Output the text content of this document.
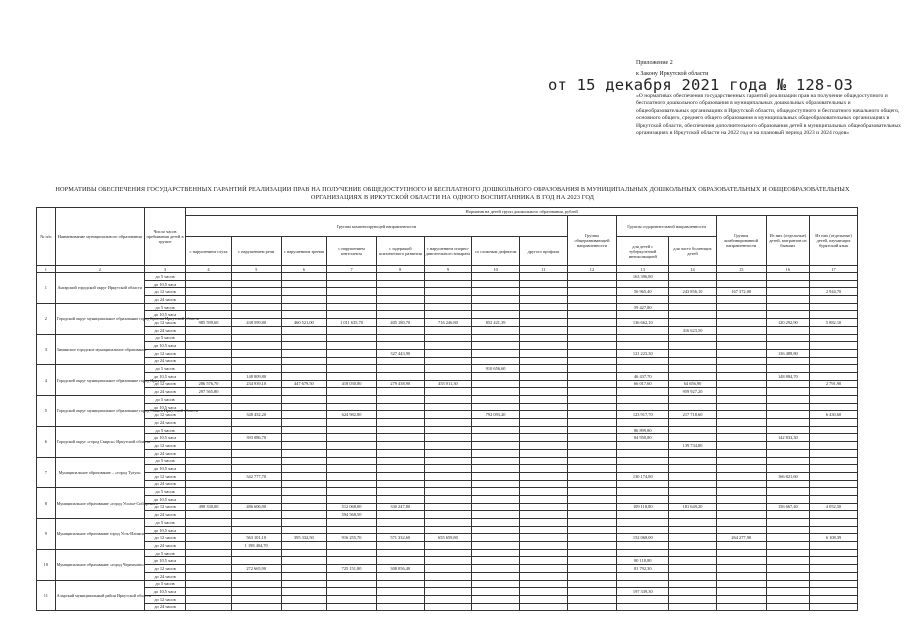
Приложение 2
к Закону Иркутской области
от 15 декабря 2021 года № 128-ОЗ
«О нормативах обеспечения государственных гарантий реализации прав на получение общедоступного и бесплатного дошкольного образования в муниципальных дошкольных образовательных и общеобразовательных организациях в Иркутской области, общедоступного и бесплатного начального общего, основного общего, среднего общего образования в муниципальных общеобразовательных организациях в Иркутской области, обеспечения дополнительного образования детей в муниципальных общеобразовательных организациях в Иркутской области на 2022 год и на плановый период 2023 и 2024 годов»
НОРМАТИВЫ ОБЕСПЕЧЕНИЯ ГОСУДАРСТВЕННЫХ ГАРАНТИЙ РЕАЛИЗАЦИИ ПРАВ НА ПОЛУЧЕНИЕ ОБЩЕДОСТУПНОГО И БЕСПЛАТНОГО ДОШКОЛЬНОГО ОБРАЗОВАНИЯ В МУНИЦИПАЛЬНЫХ ДОШКОЛЬНЫХ ОБРАЗОВАТЕЛЬНЫХ И ОБЩЕОБРАЗОВАТЕЛЬНЫХ ОРГАНИЗАЦИЯХ В ИРКУТСКОЙ ОБЛАСТИ НА ОДНОГО ВОСПИТАННИКА В ГОД НА 2023 ГОД
№ п/п	Наименование муниципального образования	Число часов пребывания детей в группе	Норматив на детей групп дошкольного образования, рублей													
			Группы компенсирующей направленности								Группы общеразвивающей направленности	Группы оздоровительной направленности		Группы комбинированной направленности	Из них (отдельные) детей, мигрантов из бывших	Из них (отдельные) детей, изучающих бурятский язык
			с нарушением слуха	с нарушением речи	с нарушением зрения	с нарушением интеллекта	с задержкой психического развития	с нарушением опорно-двигательного аппарата	со сложным дефектом	другого профиля		для детей с туберкулезной интоксикацией	для часто болеющих детей			
1	2	3	4	5	6	7	8	9	10	11	12	13	14	15	16	17
1	Ангарский городской округ Иркутской области	до 5 часов										163 396,80				
		до 10,5 часа														
		до 12 часов										56 965,40	243 856,10	167 372,00		2 944,70
		до 24 часов														
2	Городской округ муниципальное образование город Братска Иркутской области	до 5 часов										59 427,80				
		до 10,5 часа														
		до 12 часов	985 599,60	438 599,80	460 521,00	1 011 635,70	405 180,70	716 246,80	852 421,39			136 662,10			120 292,90	5 882,10
		до 24 часов											416 623,50			
3	Зиминское городское муниципальное образование	до 5 часов														
		до 10,5 часа														
		до 12 часов					327 443,90					121 223,30			136 489,80	
		до 24 часов														
4	Городской округ муниципальное образование город Иркутск	до 5 часов							910 656,60							
		до 10,5 часа		148 809,80								46 437,70			148 884,70	
		до 12 часов	286 576,70	234 939,10	447 679,50	418 030,80	279 438,90	455 011,30				66 017,60	64 656,90			2 791,90
		до 24 часов	297 565,80										959 927,20			
5	Городской округ муниципальное образование город Саянск Иркутской области	до 5 часов														
		до 10,5 часа														
		до 12 часов		348 452,20		624 982,80			792 093,20			123 917,70	217 718,60			6 430,60
		до 24 часов														
6	Городской округ «город Свирск» Иркутской области	до 5 часов										86 899,80				
		до 10,5 часа		393 086,70								84 950,80			142 833,30	
		до 12 часов											139 734,80			
		до 24 часов														
7	Муниципальное образование – «город Тулун»	до 5 часов														
		до 10,5 часа														
		до 12 часов		342 777,70								130 174,80			166 821,60	
		до 24 часов														
8	Муниципальное образование «город Усолье-Сибирское»	до 5 часов														
		до 10,5 часа														
		до 12 часов	498 330,00	486 606,90		512 068,00	330 247,80					109 118,80	181 649,20		156 667,40	4 052,50
		до 24 часов				594 568,50										
9	Муниципальное образование город Усть-Илимск	до 5 часов														
		до 10,5 часа														
		до 12 часов		563 101,10	395 332,50	916 255,70	571 332,60	655 659,80				152 068,00		264 277,90		6 108,39
		до 24 часов		1 198 404,70												
10	Муниципальное образование «город Черемхово»	до 5 часов														
		до 10,5 часа										80 118,80				
		до 12 часов		272 665,90		725 151,80	308 056,40					81 792,30				
		до 24 часов														
11	Аларский муниципальный район Иркутской области	до 5 часов														
		до 10,5 часа										197 339,30				
		до 12 часов														
		до 24 часов														
